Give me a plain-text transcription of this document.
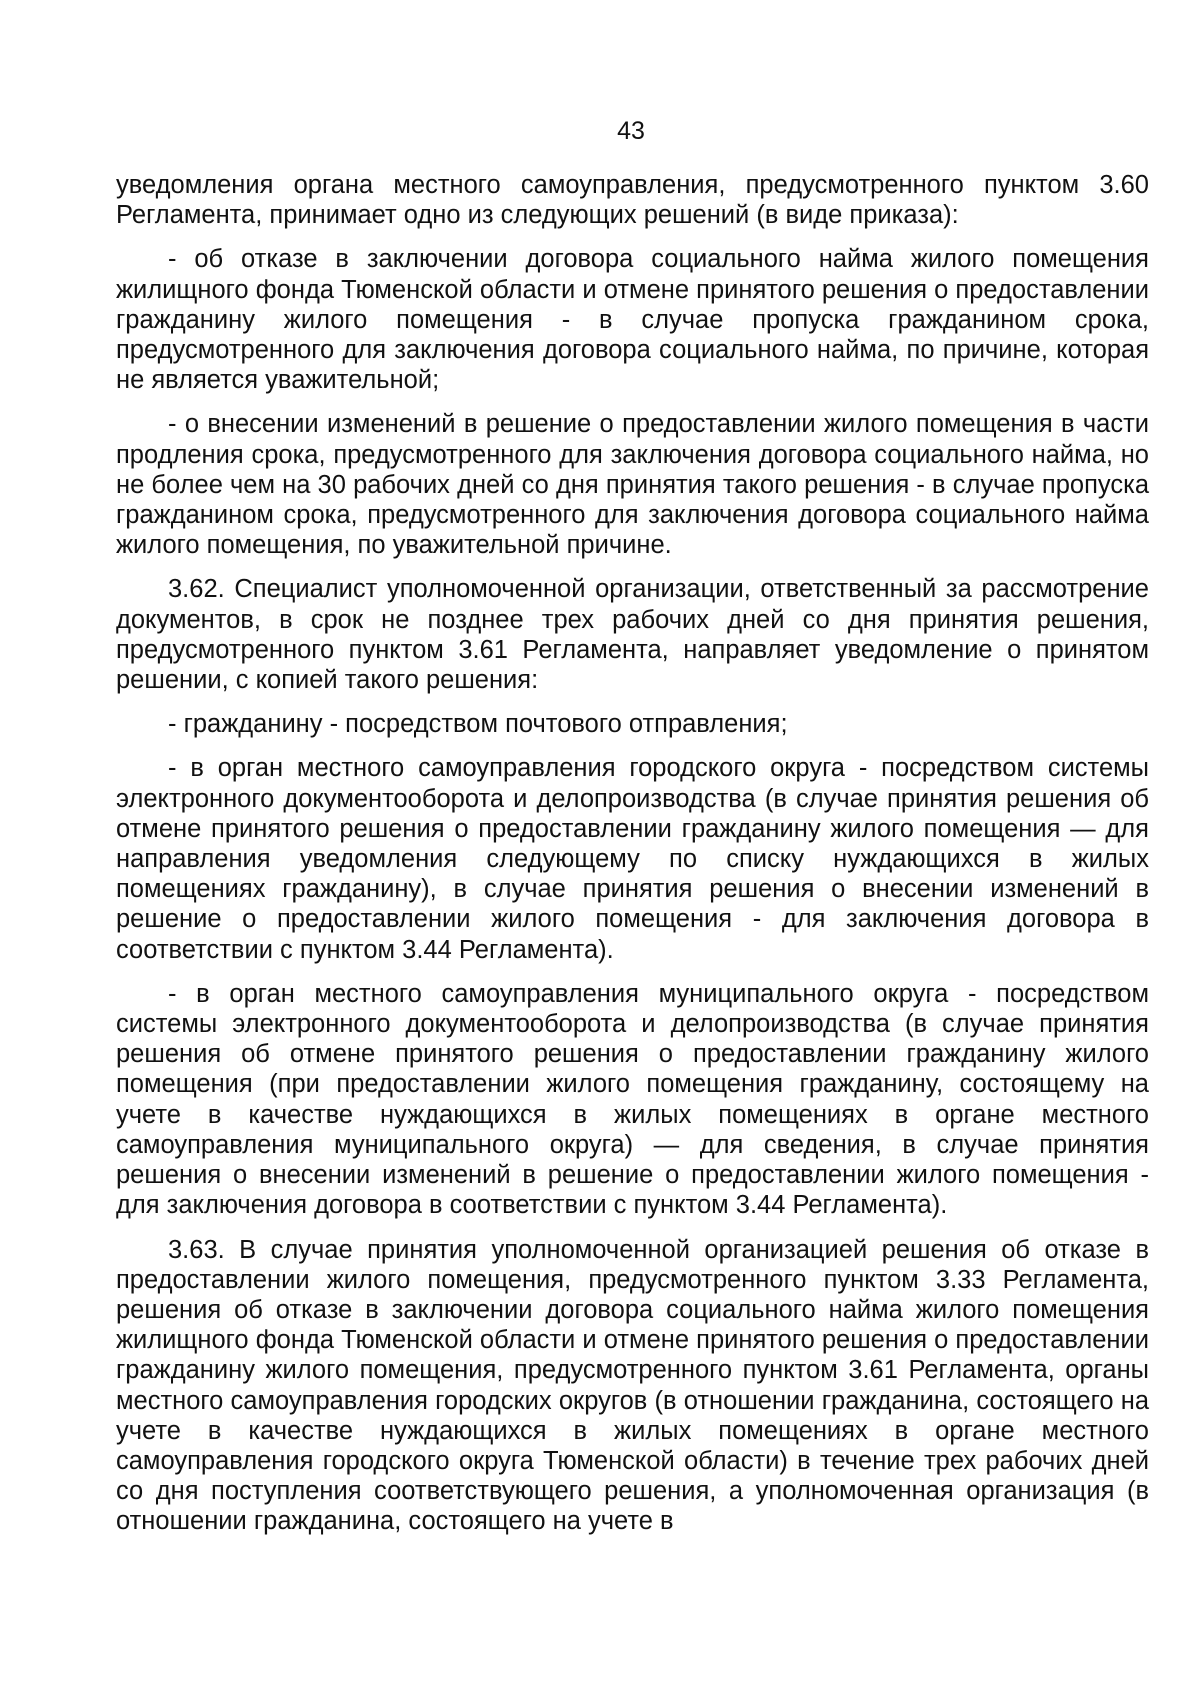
43

уведомления органа местного самоуправления, предусмотренного пунктом 3.60 Регламента, принимает одно из следующих решений (в виде приказа):

- об отказе в заключении договора социального найма жилого помещения жилищного фонда Тюменской области и отмене принятого решения о предоставлении гражданину жилого помещения - в случае пропуска гражданином срока, предусмотренного для заключения договора социального найма, по причине, которая не является уважительной;

- о внесении изменений в решение о предоставлении жилого помещения в части продления срока, предусмотренного для заключения договора социального найма, но не более чем на 30 рабочих дней со дня принятия такого решения - в случае пропуска гражданином срока, предусмотренного для заключения договора социального найма жилого помещения, по уважительной причине.

3.62. Специалист уполномоченной организации, ответственный за рассмотрение документов, в срок не позднее трех рабочих дней со дня принятия решения, предусмотренного пунктом 3.61 Регламента, направляет уведомление о принятом решении, с копией такого решения:

- гражданину - посредством почтового отправления;

- в орган местного самоуправления городского округа - посредством системы электронного документооборота и делопроизводства (в случае принятия решения об отмене принятого решения о предоставлении гражданину жилого помещения — для направления уведомления следующему по списку нуждающихся в жилых помещениях гражданину), в случае принятия решения о внесении изменений в решение о предоставлении жилого помещения - для заключения договора в соответствии с пунктом 3.44 Регламента).

- в орган местного самоуправления муниципального округа - посредством системы электронного документооборота и делопроизводства (в случае принятия решения об отмене принятого решения о предоставлении гражданину жилого помещения (при предоставлении жилого помещения гражданину, состоящему на учете в качестве нуждающихся в жилых помещениях в органе местного самоуправления муниципального округа) — для сведения, в случае принятия решения о внесении изменений в решение о предоставлении жилого помещения - для заключения договора в соответствии с пунктом 3.44 Регламента).

3.63. В случае принятия уполномоченной организацией решения об отказе в предоставлении жилого помещения, предусмотренного пунктом 3.33 Регламента, решения об отказе в заключении договора социального найма жилого помещения жилищного фонда Тюменской области и отмене принятого решения о предоставлении гражданину жилого помещения, предусмотренного пунктом 3.61 Регламента, органы местного самоуправления городских округов (в отношении гражданина, состоящего на учете в качестве нуждающихся в жилых помещениях в органе местного самоуправления городского округа Тюменской области) в течение трех рабочих дней со дня поступления соответствующего решения, а уполномоченная организация (в отношении гражданина, состоящего на учете в
